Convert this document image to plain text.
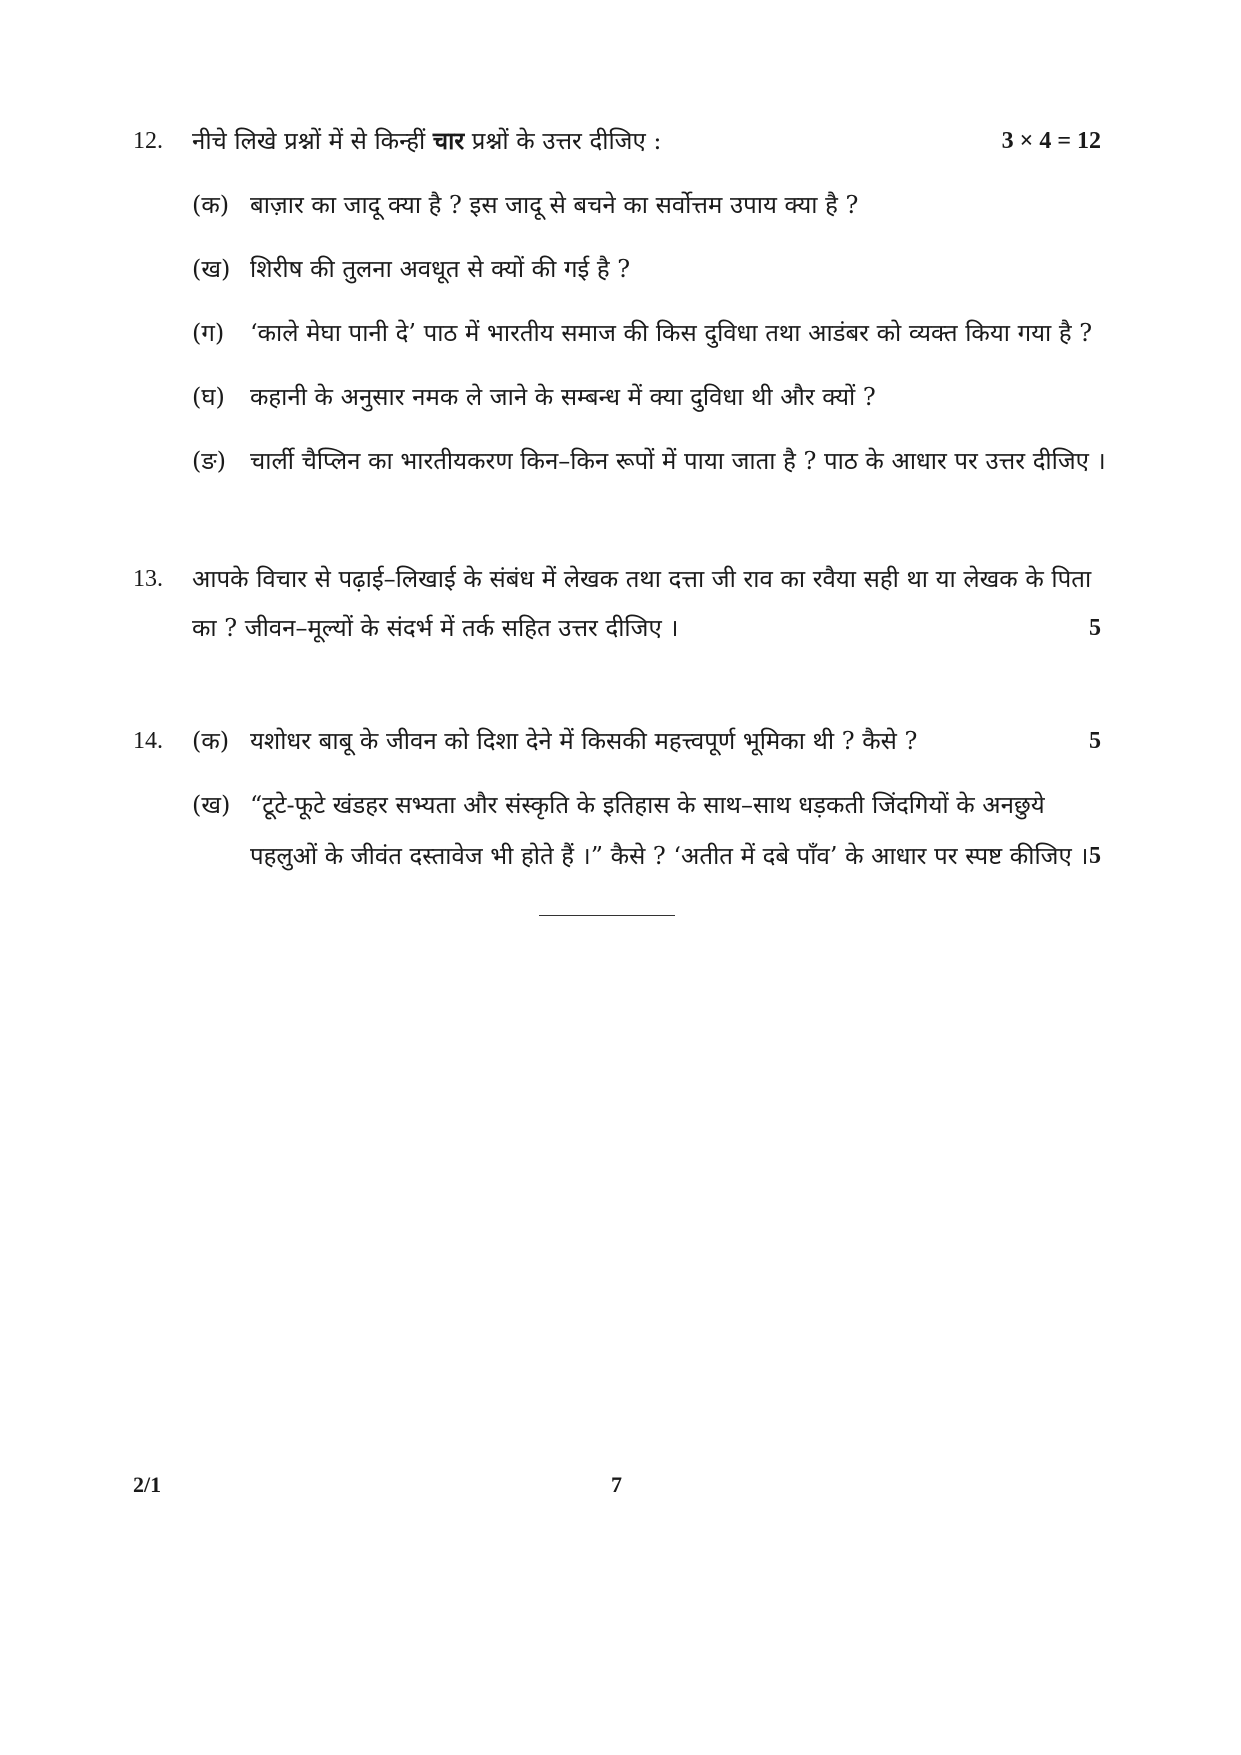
12. नीचे लिखे प्रश्नों में से किन्हीं चार प्रश्नों के उत्तर दीजिए :	3 × 4 = 12
(क) बाज़ार का जादू क्या है ? इस जादू से बचने का सर्वोत्तम उपाय क्या है ?
(ख) शिरीष की तुलना अवधूत से क्यों की गई है ?
(ग) ‘काले मेघा पानी दे’ पाठ में भारतीय समाज की किस दुविधा तथा आडंबर को व्यक्त किया गया है ?
(घ) कहानी के अनुसार नमक ले जाने के सम्बन्ध में क्या दुविधा थी और क्यों ?
(ङ) चार्ली चैप्लिन का भारतीयकरण किन–किन रूपों में पाया जाता है ? पाठ के आधार पर उत्तर दीजिए ।
13. आपके विचार से पढ़ाई–लिखाई के संबंध में लेखक तथा दत्ता जी राव का रवैया सही था या लेखक के पिता
का ? जीवन–मूल्यों के संदर्भ में तर्क सहित उत्तर दीजिए ।	5
14. (क) यशोधर बाबू के जीवन को दिशा देने में किसकी महत्त्वपूर्ण भूमिका थी ? कैसे ?	5
(ख) “टूटे-फूटे खंडहर सभ्यता और संस्कृति के इतिहास के साथ–साथ धड़कती जिंदगियों के अनछुये
पहलुओं के जीवंत दस्तावेज भी होते हैं ।” कैसे ? ‘अतीत में दबे पाँव’ के आधार पर स्पष्ट कीजिए । 5
2/1	7
